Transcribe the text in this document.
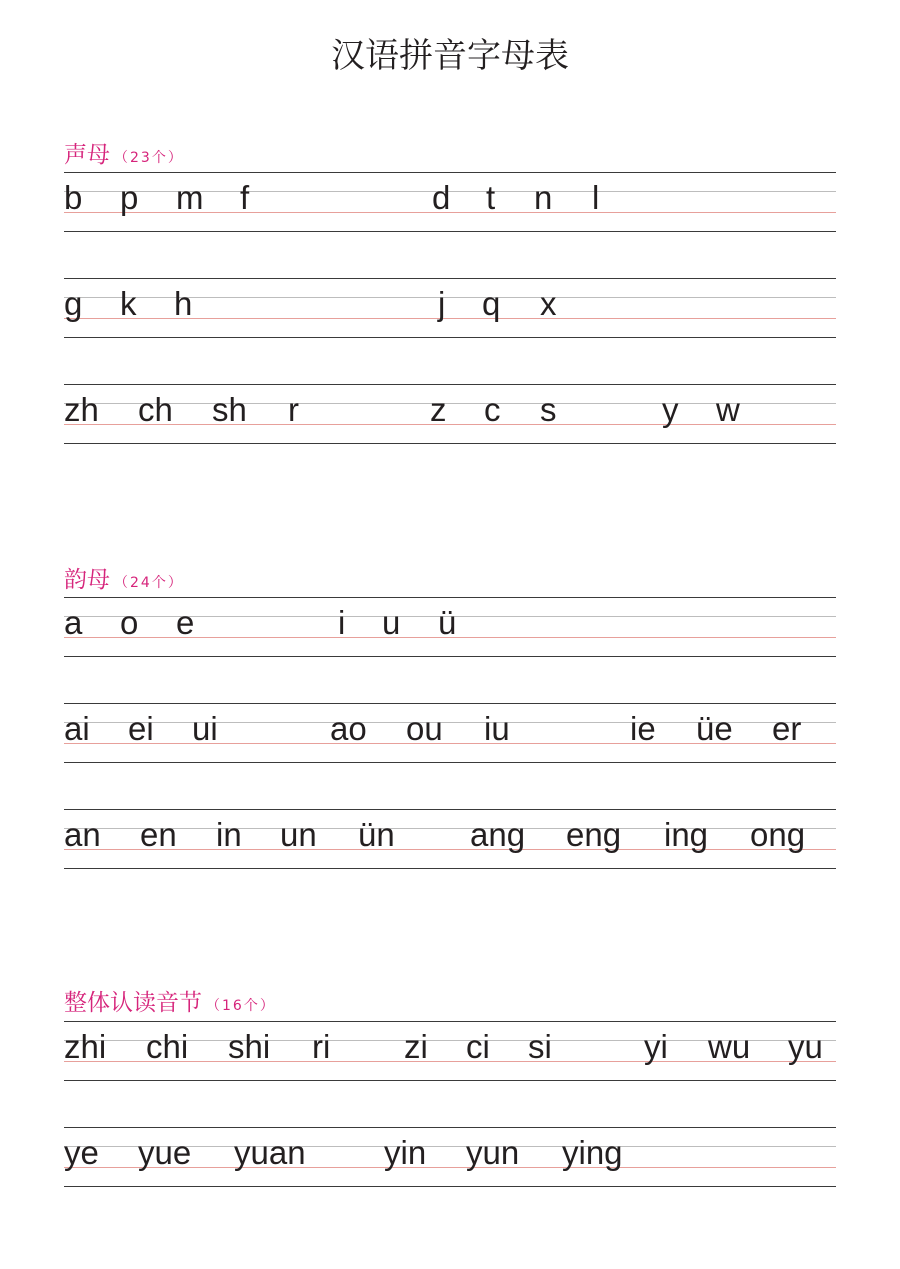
汉语拼音字母表
声母 （23个）
b p m f	d t n l
g k h	j q x
zh ch sh r	z c s	y w
韵母 （24个）
a o e	i u ü
ai ei ui	ao ou iu	ie üe er
an en in un ün ang eng ing ong
整体认读音节 （16个）
zhi chi shi ri zi ci si	yi wu yu
ye yue yuan yin yun ying
